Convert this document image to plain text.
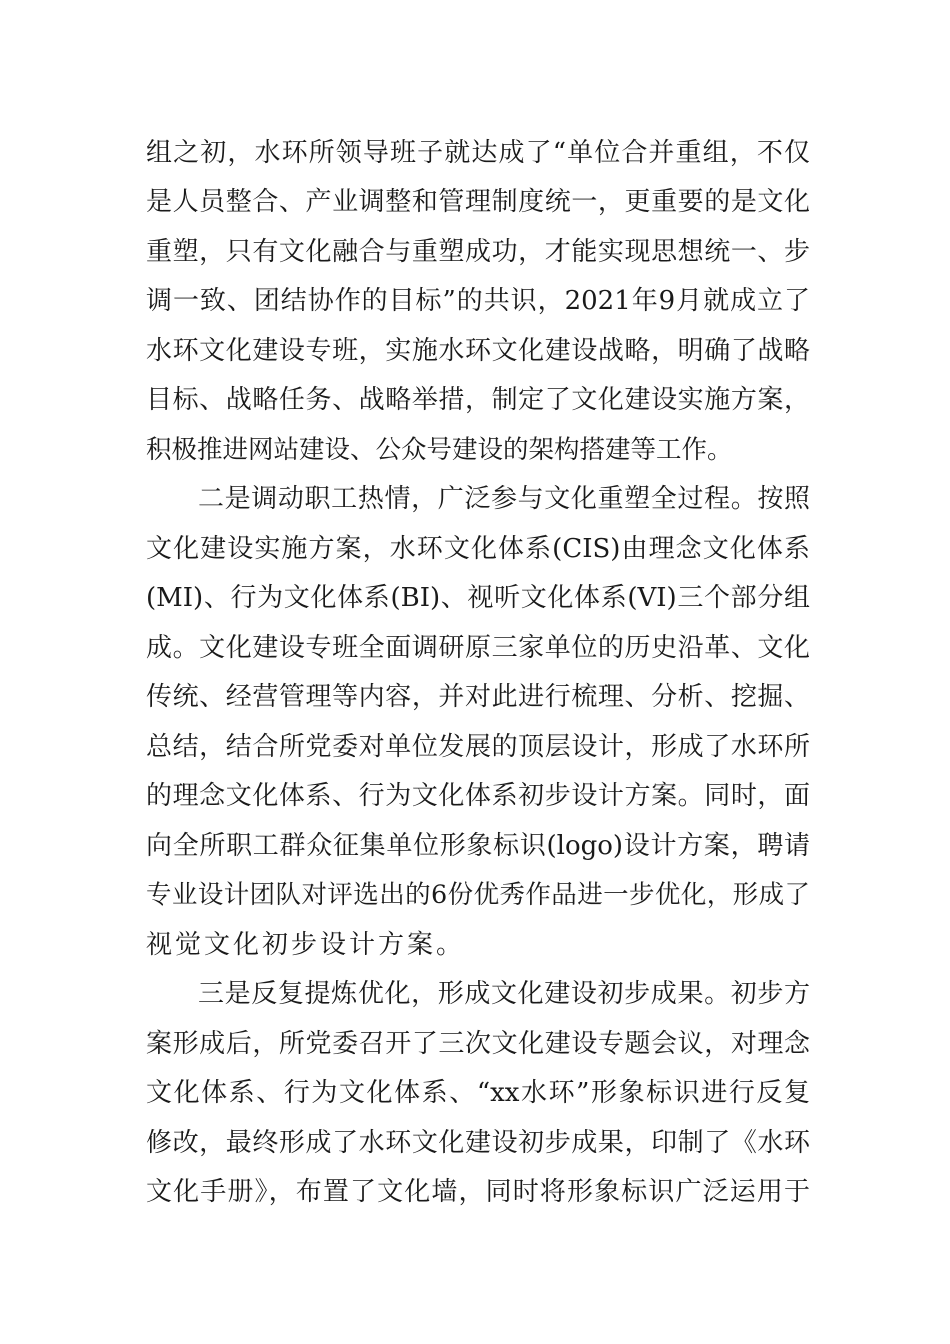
组之初，水环所领导班子就达成了“单位合并重组，不仅
是人员整合、产业调整和管理制度统一，更重要的是文化
重塑，只有文化融合与重塑成功，才能实现思想统一、步
调一致、团结协作的目标”的共识，2021年9月就成立了
水环文化建设专班，实施水环文化建设战略，明确了战略
目标、战略任务、战略举措，制定了文化建设实施方案，
积极推进网站建设、公众号建设的架构搭建等工作。
二是调动职工热情，广泛参与文化重塑全过程。按照
文化建设实施方案，水环文化体系(CIS)由理念文化体系
(MI)、行为文化体系(BI)、视听文化体系(VI)三个部分组
成。文化建设专班全面调研原三家单位的历史沿革、文化
传统、经营管理等内容，并对此进行梳理、分析、挖掘、
总结，结合所党委对单位发展的顶层设计，形成了水环所
的理念文化体系、行为文化体系初步设计方案。同时，面
向全所职工群众征集单位形象标识(logo)设计方案，聘请
专业设计团队对评选出的6份优秀作品进一步优化，形成了
视觉文化初步设计方案。
三是反复提炼优化，形成文化建设初步成果。初步方
案形成后，所党委召开了三次文化建设专题会议，对理念
文化体系、行为文化体系、“xx水环”形象标识进行反复
修改，最终形成了水环文化建设初步成果，印制了《水环
文化手册》，布置了文化墙，同时将形象标识广泛运用于
